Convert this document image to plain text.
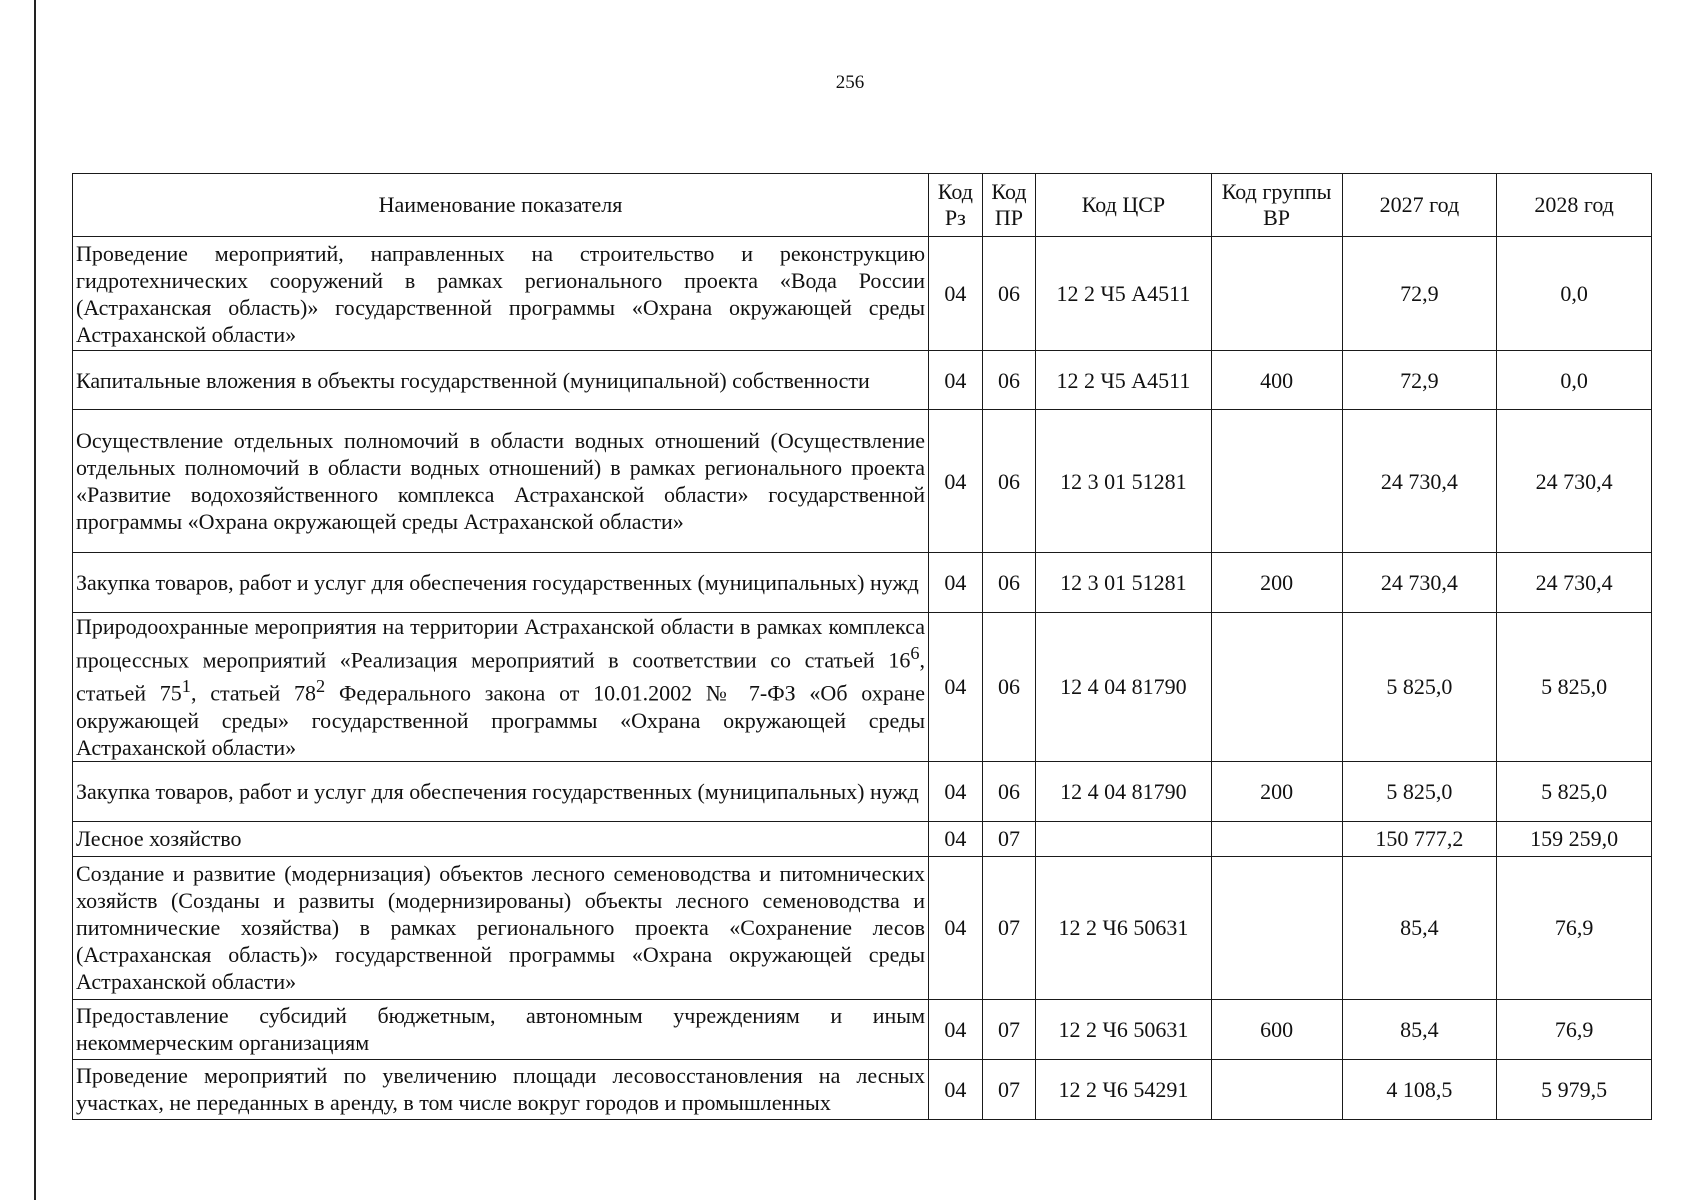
256
Наименование показателя	Код Рз	Код ПР	Код ЦСР	Код группы ВР	2027 год	2028 год
Проведение мероприятий, направленных на строительство и реконструкцию гидротехнических сооружений в рамках регионального проекта «Вода России (Астраханская область)» государственной программы «Охрана окружающей среды Астраханской области»	04	06	12 2 Ч5 А4511		72,9	0,0
Капитальные вложения в объекты государственной (муниципальной) собственности	04	06	12 2 Ч5 А4511	400	72,9	0,0
Осуществление отдельных полномочий в области водных отношений (Осуществление отдельных полномочий в области водных отношений) в рамках регионального проекта «Развитие водохозяйственного комплекса Астраханской области» государственной программы «Охрана окружающей среды Астраханской области»	04	06	12 3 01 51281		24 730,4	24 730,4
Закупка товаров, работ и услуг для обеспечения государственных (муниципальных) нужд	04	06	12 3 01 51281	200	24 730,4	24 730,4
Природоохранные мероприятия на территории Астраханской области в рамках комплекса процессных мероприятий «Реализация мероприятий в соответствии со статьей $16^6$, статьей $75^1$, статьей $78^2$ Федерального закона от 10.01.2002 № 7-ФЗ «Об охране окружающей среды» государственной программы «Охрана окружающей среды Астраханской области»	04	06	12 4 04 81790		5 825,0	5 825,0
Закупка товаров, работ и услуг для обеспечения государственных (муниципальных) нужд	04	06	12 4 04 81790	200	5 825,0	5 825,0
Лесное хозяйство	04	07			150 777,2	159 259,0
Создание и развитие (модернизация) объектов лесного семеноводства и питомнических хозяйств (Созданы и развиты (модернизированы) объекты лесного семеноводства и питомнические хозяйства) в рамках регионального проекта «Сохранение лесов (Астраханская область)» государственной программы «Охрана окружающей среды Астраханской области»	04	07	12 2 Ч6 50631		85,4	76,9
Предоставление субсидий бюджетным, автономным учреждениям и иным некоммерческим организациям	04	07	12 2 Ч6 50631	600	85,4	76,9
Проведение мероприятий по увеличению площади лесовосстановления на лесных участках, не переданных в аренду, в том числе вокруг городов и промышленных	04	07	12 2 Ч6 54291		4 108,5	5 979,5
